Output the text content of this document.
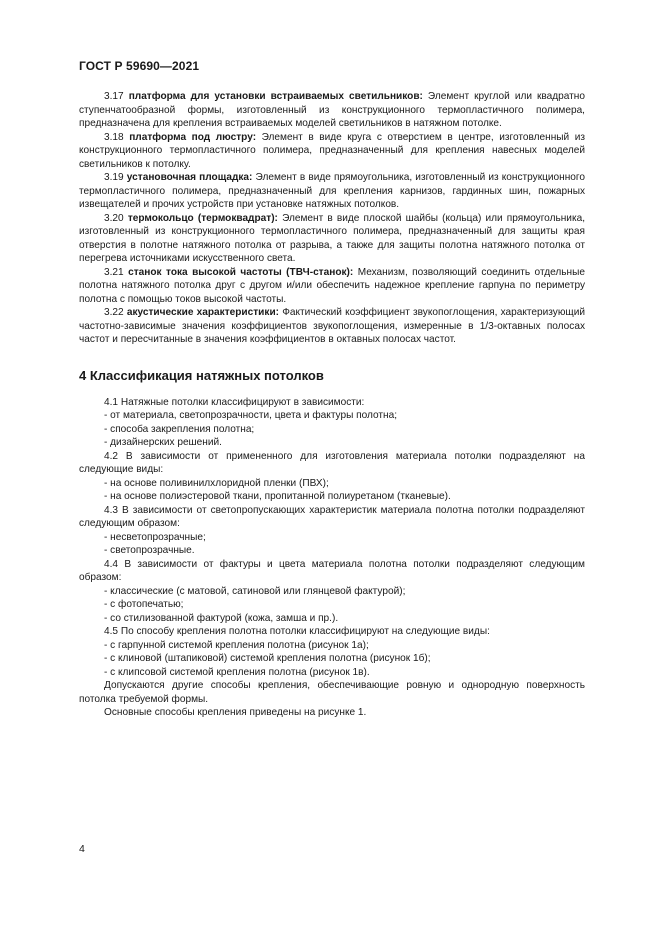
ГОСТ Р 59690—2021

3.17 платформа для установки встраиваемых светильников: Элемент круглой или квадратно ступенчатообразной формы, изготовленный из конструкционного термопластичного полимера, предназначена для крепления встраиваемых моделей светильников в натяжном потолке.

3.18 платформа под люстру: Элемент в виде круга с отверстием в центре, изготовленный из конструкционного термопластичного полимера, предназначенный для крепления навесных моделей светильников к потолку.

3.19 установочная площадка: Элемент в виде прямоугольника, изготовленный из конструкционного термопластичного полимера, предназначенный для крепления карнизов, гардинных шин, пожарных извещателей и прочих устройств при установке натяжных потолков.

3.20 термокольцо (термоквадрат): Элемент в виде плоской шайбы (кольца) или прямоугольника, изготовленный из конструкционного термопластичного полимера, предназначенный для защиты края отверстия в полотне натяжного потолка от разрыва, а также для защиты полотна натяжного потолка от перегрева источниками искусственного света.

3.21 станок тока высокой частоты (ТВЧ-станок): Механизм, позволяющий соединить отдельные полотна натяжного потолка друг с другом и/или обеспечить надежное крепление гарпуна по периметру полотна с помощью токов высокой частоты.

3.22 акустические характеристики: Фактический коэффициент звукопоглощения, характеризующий частотно-зависимые значения коэффициентов звукопоглощения, измеренные в 1/3-октавных полосах частот и пересчитанные в значения коэффициентов в октавных полосах частот.

4 Классификация натяжных потолков

4.1 Натяжные потолки классифицируют в зависимости:

- от материала, светопрозрачности, цвета и фактуры полотна;

- способа закрепления полотна;

- дизайнерских решений.

4.2 В зависимости от примененного для изготовления материала потолки подразделяют на следующие виды:

- на основе поливинилхлоридной пленки (ПВХ);

- на основе полиэстеровой ткани, пропитанной полиуретаном (тканевые).

4.3 В зависимости от светопропускающих характеристик материала полотна потолки подразделяют следующим образом:

- несветопрозрачные;

- светопрозрачные.

4.4 В зависимости от фактуры и цвета материала полотна потолки подразделяют следующим образом:

- классические (с матовой, сатиновой или глянцевой фактурой);

- с фотопечатью;

- со стилизованной фактурой (кожа, замша и пр.).

4.5 По способу крепления полотна потолки классифицируют на следующие виды:

- с гарпунной системой крепления полотна (рисунок 1а);

- с клиновой (штапиковой) системой крепления полотна (рисунок 1б);

- с клипсовой системой крепления полотна (рисунок 1в).

Допускаются другие способы крепления, обеспечивающие ровную и однородную поверхность потолка требуемой формы.

Основные способы крепления приведены на рисунке 1.

4
